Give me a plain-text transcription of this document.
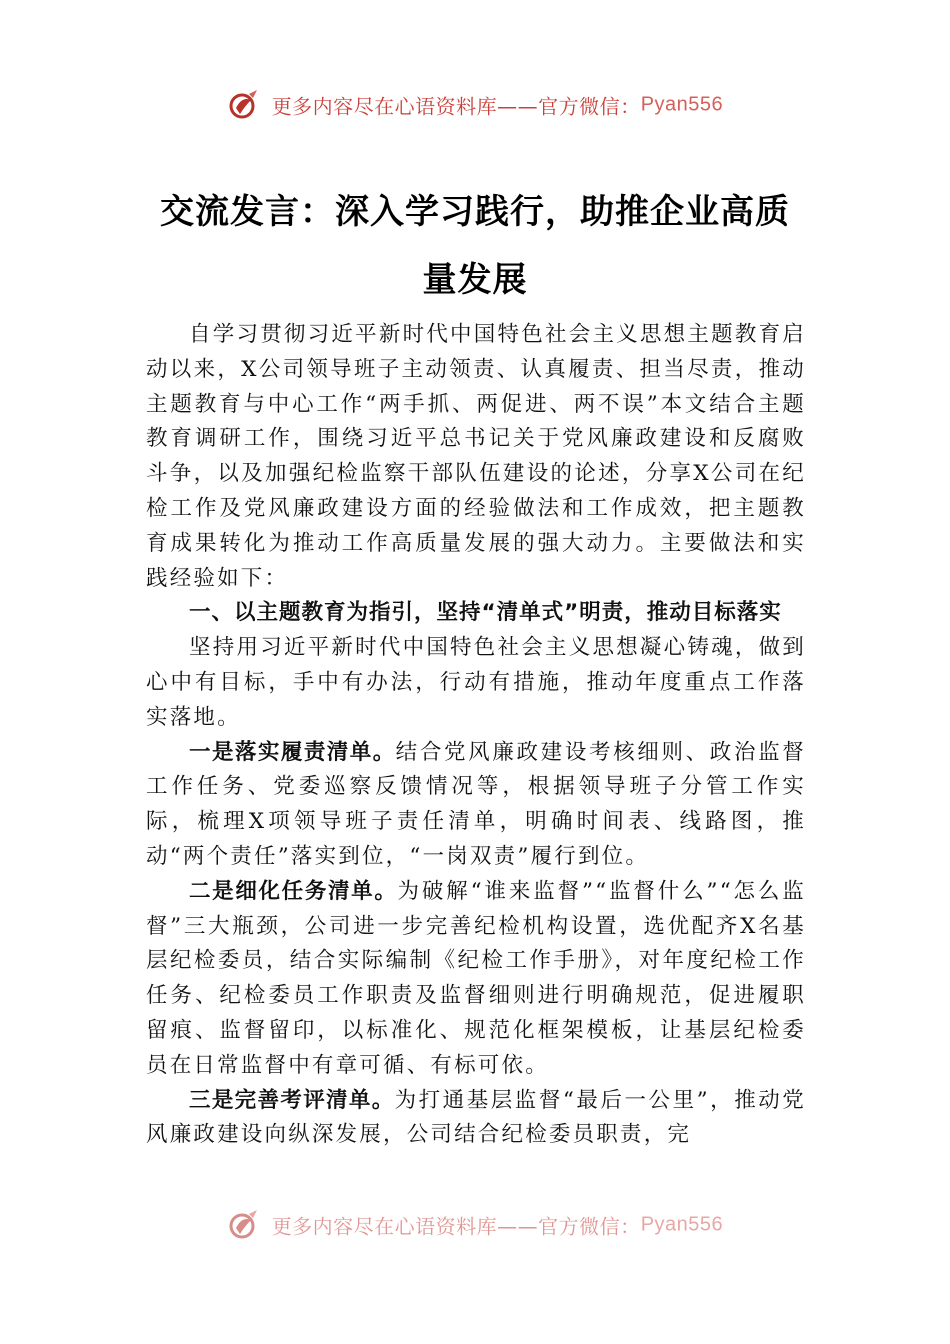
更多内容尽在心语资料库——官方微信：Pyan556
交流发言：深入学习践行，助推企业高质
量发展

自学习贯彻习近平新时代中国特色社会主义思想主题教育启动以来，X公司领导班子主动领责、认真履责、担当尽责，推动主题教育与中心工作“两手抓、两促进、两不误”本文结合主题教育调研工作，围绕习近平总书记关于党风廉政建设和反腐败斗争，以及加强纪检监察干部队伍建设的论述，分享X公司在纪检工作及党风廉政建设方面的经验做法和工作成效，把主题教育成果转化为推动工作高质量发展的强大动力。主要做法和实践经验如下：

一、以主题教育为指引，坚持“清单式”明责，推动目标落实

坚持用习近平新时代中国特色社会主义思想凝心铸魂，做到心中有目标，手中有办法，行动有措施，推动年度重点工作落实落地。

一是落实履责清单。结合党风廉政建设考核细则、政治监督工作任务、党委巡察反馈情况等，根据领导班子分管工作实际，梳理X项领导班子责任清单，明确时间表、线路图，推动“两个责任”落实到位，“一岗双责”履行到位。

二是细化任务清单。为破解“谁来监督”“监督什么”“怎么监督”三大瓶颈，公司进一步完善纪检机构设置，选优配齐X名基层纪检委员，结合实际编制《纪检工作手册》，对年度纪检工作任务、纪检委员工作职责及监督细则进行明确规范，促进履职留痕、监督留印，以标准化、规范化框架模板，让基层纪检委员在日常监督中有章可循、有标可依。

三是完善考评清单。为打通基层监督“最后一公里”，推动党风廉政建设向纵深发展，公司结合纪检委员职责，完

更多内容尽在心语资料库——官方微信：Pyan556
